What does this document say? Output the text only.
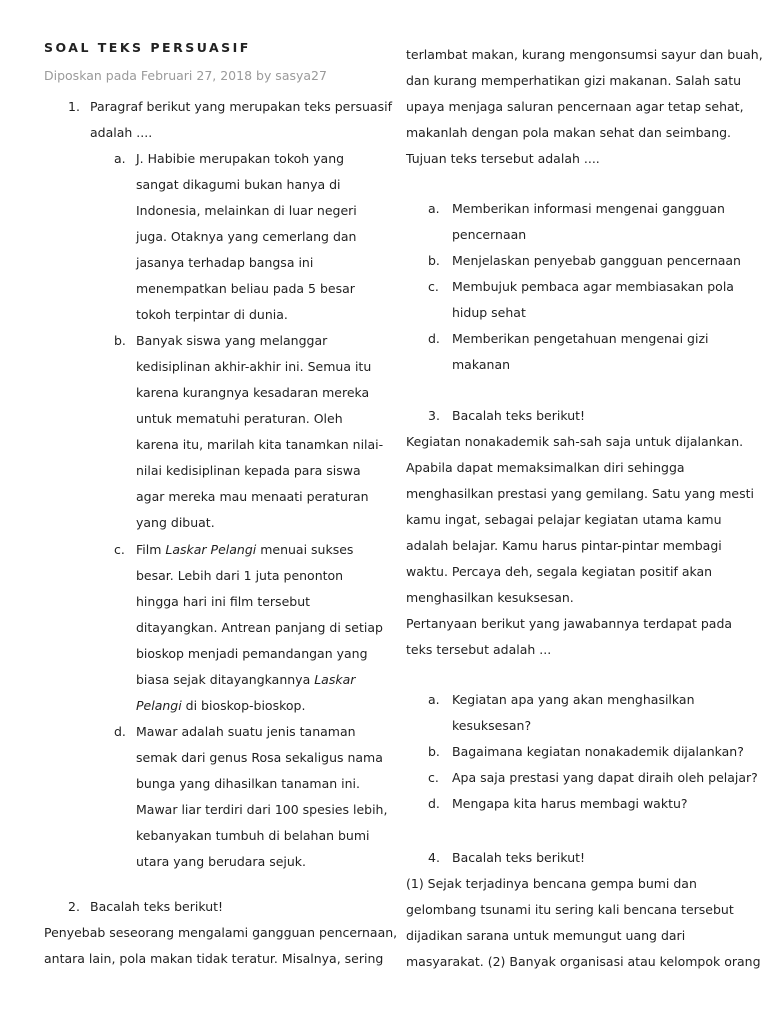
SOAL TEKS PERSUASIF
Diposkan pada Februari 27, 2018 by sasya27
1. Paragraf berikut yang merupakan teks persuasif
adalah ....
a. J. Habibie merupakan tokoh yang
sangat dikagumi bukan hanya di
Indonesia, melainkan di luar negeri
juga. Otaknya yang cemerlang dan
jasanya terhadap bangsa ini
menempatkan beliau pada 5 besar
tokoh terpintar di dunia.
b. Banyak siswa yang melanggar
kedisiplinan akhir-akhir ini. Semua itu
karena kurangnya kesadaran mereka
untuk mematuhi peraturan. Oleh
karena itu, marilah kita tanamkan nilai-
nilai kedisiplinan kepada para siswa
agar mereka mau menaati peraturan
yang dibuat.
c. Film Laskar Pelangi menuai sukses
besar. Lebih dari 1 juta penonton
hingga hari ini film tersebut
ditayangkan. Antrean panjang di setiap
bioskop menjadi pemandangan yang
biasa sejak ditayangkannya Laskar
Pelangi di bioskop-bioskop.
d. Mawar adalah suatu jenis tanaman
semak dari genus Rosa sekaligus nama
bunga yang dihasilkan tanaman ini.
Mawar liar terdiri dari 100 spesies lebih,
kebanyakan tumbuh di belahan bumi
utara yang berudara sejuk.
2. Bacalah teks berikut!
Penyebab seseorang mengalami gangguan pencernaan,
antara lain, pola makan tidak teratur. Misalnya, sering
terlambat makan, kurang mengonsumsi sayur dan buah,
dan kurang memperhatikan gizi makanan. Salah satu
upaya menjaga saluran pencernaan agar tetap sehat,
makanlah dengan pola makan sehat dan seimbang.
Tujuan teks tersebut adalah ....
a. Memberikan informasi mengenai gangguan
pencernaan
b. Menjelaskan penyebab gangguan pencernaan
c. Membujuk pembaca agar membiasakan pola
hidup sehat
d. Memberikan pengetahuan mengenai gizi
makanan
3. Bacalah teks berikut!
Kegiatan nonakademik sah-sah saja untuk dijalankan.
Apabila dapat memaksimalkan diri sehingga
menghasilkan prestasi yang gemilang. Satu yang mesti
kamu ingat, sebagai pelajar kegiatan utama kamu
adalah belajar. Kamu harus pintar-pintar membagi
waktu. Percaya deh, segala kegiatan positif akan
menghasilkan kesuksesan.
Pertanyaan berikut yang jawabannya terdapat pada
teks tersebut adalah ...
a. Kegiatan apa yang akan menghasilkan
kesuksesan?
b. Bagaimana kegiatan nonakademik dijalankan?
c. Apa saja prestasi yang dapat diraih oleh pelajar?
d. Mengapa kita harus membagi waktu?
4. Bacalah teks berikut!
(1) Sejak terjadinya bencana gempa bumi dan
gelombang tsunami itu sering kali bencana tersebut
dijadikan sarana untuk memungut uang dari
masyarakat. (2) Banyak organisasi atau kelompok orang
